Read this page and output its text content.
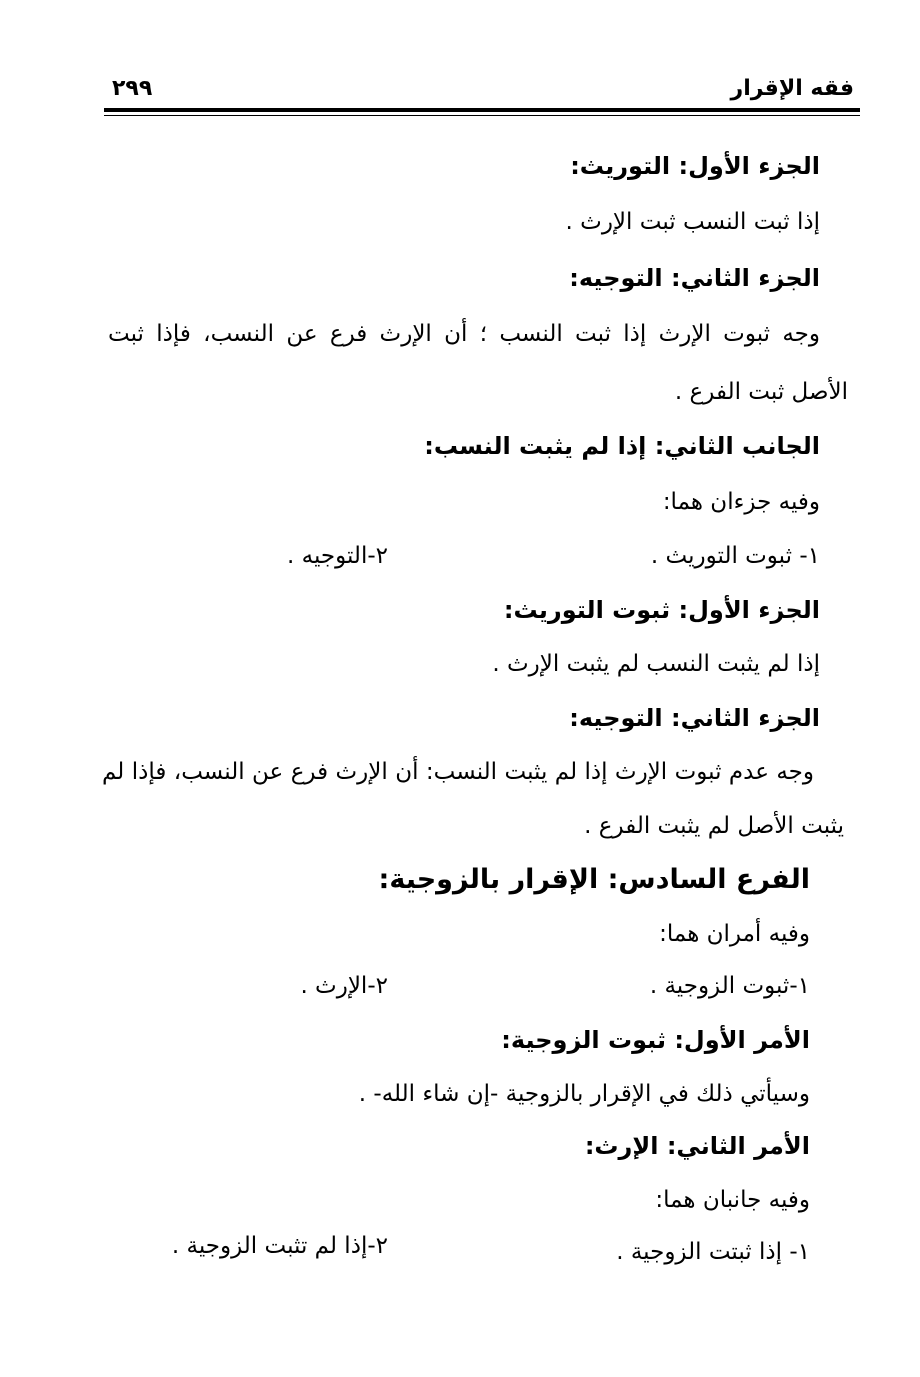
٢٩٩	فقه الإقرار
الجزء الأول: التوريث:
إذا ثبت النسب ثبت الإرث .
الجزء الثاني: التوجيه:
وجه ثبوت الإرث إذا ثبت النسب ؛ أن الإرث فرع عن النسب، فإذا ثبت
الأصل ثبت الفرع .
الجانب الثاني: إذا لم يثبت النسب:
وفيه جزءان هما:
١- ثبوت التوريث .
٢-التوجيه .
الجزء الأول: ثبوت التوريث:
إذا لم يثبت النسب لم يثبت الإرث .
الجزء الثاني: التوجيه:
وجه عدم ثبوت الإرث إذا لم يثبت النسب: أن الإرث فرع عن النسب، فإذا لم
يثبت الأصل لم يثبت الفرع .
الفرع السادس: الإقرار بالزوجية:
وفيه أمران هما:
١-ثبوت الزوجية .
٢-الإرث .
الأمر الأول: ثبوت الزوجية:
وسيأتي ذلك في الإقرار بالزوجية -إن شاء الله- .
الأمر الثاني: الإرث:
وفيه جانبان هما:
١- إذا ثبتت الزوجية .
٢-إذا لم تثبت الزوجية .
